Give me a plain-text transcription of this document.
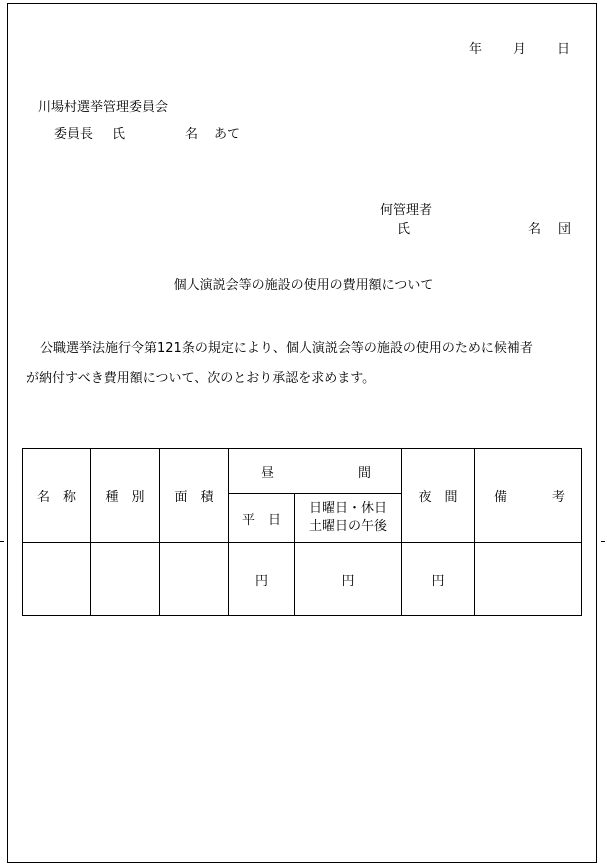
年 月 日
川場村選挙管理委員会
委員長 氏	名 あて
何管理者
氏	名 団
個人演説会等の施設の使用の費用額について
公職選挙法施行令第121条の規定により、個人演説会等の施設の使用のために候補者
が納付すべき費用額について、次のとおり承認を求めます。
名　称	種　別	面　積	昼 間		夜　間	備 考

			平　日	日曜日・休日
土曜日の午後		

			円	円	円	
